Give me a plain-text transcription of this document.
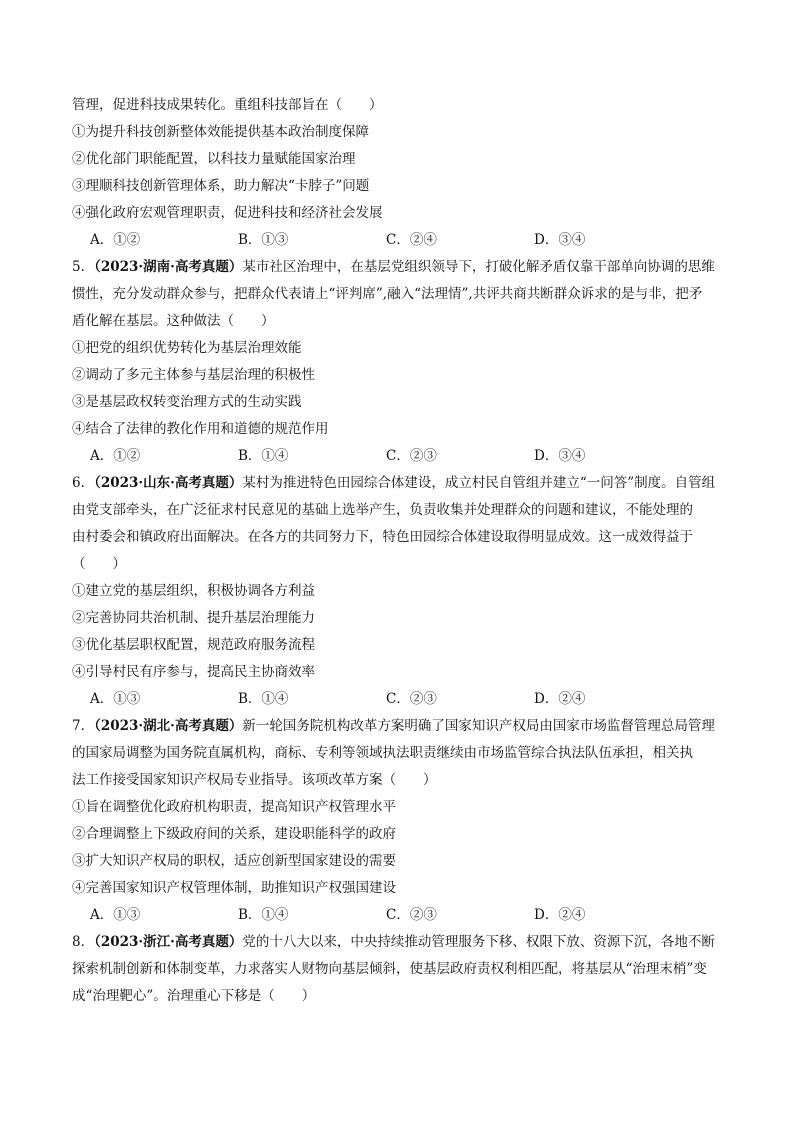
管理，促进科技成果转化。重组科技部旨在（　　）
①为提升科技创新整体效能提供基本政治制度保障
②优化部门职能配置，以科技力量赋能国家治理
③理顺科技创新管理体系，助力解决“卡脖子”问题
④强化政府宏观管理职责，促进科技和经济社会发展
A．①②	B．①③	C．②④	D．③④
5．（2023·湖南·高考真题）某市社区治理中，在基层党组织领导下，打破化解矛盾仅靠干部单向协调的思维
惯性，充分发动群众参与，把群众代表请上“评判席”,融入“法理情”,共评共商共断群众诉求的是与非，把矛
盾化解在基层。这种做法（　　）
①把党的组织优势转化为基层治理效能
②调动了多元主体参与基层治理的积极性
③是基层政权转变治理方式的生动实践
④结合了法律的教化作用和道德的规范作用
A．①②	B．①④	C．②③	D．③④
6．（2023·山东·高考真题）某村为推进特色田园综合体建设，成立村民自管组并建立“一问答”制度。自管组
由党支部牵头，在广泛征求村民意见的基础上选举产生，负责收集并处理群众的问题和建议，不能处理的
由村委会和镇政府出面解决。在各方的共同努力下，特色田园综合体建设取得明显成效。这一成效得益于
（　　）
①建立党的基层组织，积极协调各方利益
②完善协同共治机制、提升基层治理能力
③优化基层职权配置，规范政府服务流程
④引导村民有序参与，提高民主协商效率
A．①③	B．①④	C．②③	D．②④
7．（2023·湖北·高考真题）新一轮国务院机构改革方案明确了国家知识产权局由国家市场监督管理总局管理
的国家局调整为国务院直属机构，商标、专利等领域执法职责继续由市场监管综合执法队伍承担，相关执
法工作接受国家知识产权局专业指导。该项改革方案（　　）
①旨在调整优化政府机构职责，提高知识产权管理水平
②合理调整上下级政府间的关系，建设职能科学的政府
③扩大知识产权局的职权，适应创新型国家建设的需要
④完善国家知识产权管理体制，助推知识产权强国建设
A．①③	B．①④	C．②③	D．②④
8．（2023·浙江·高考真题）党的十八大以来，中央持续推动管理服务下移、权限下放、资源下沉，各地不断
探索机制创新和体制变革，力求落实人财物向基层倾斜，使基层政府责权利相匹配，将基层从“治理末梢”变
成“治理靶心”。治理重心下移是（　　）
